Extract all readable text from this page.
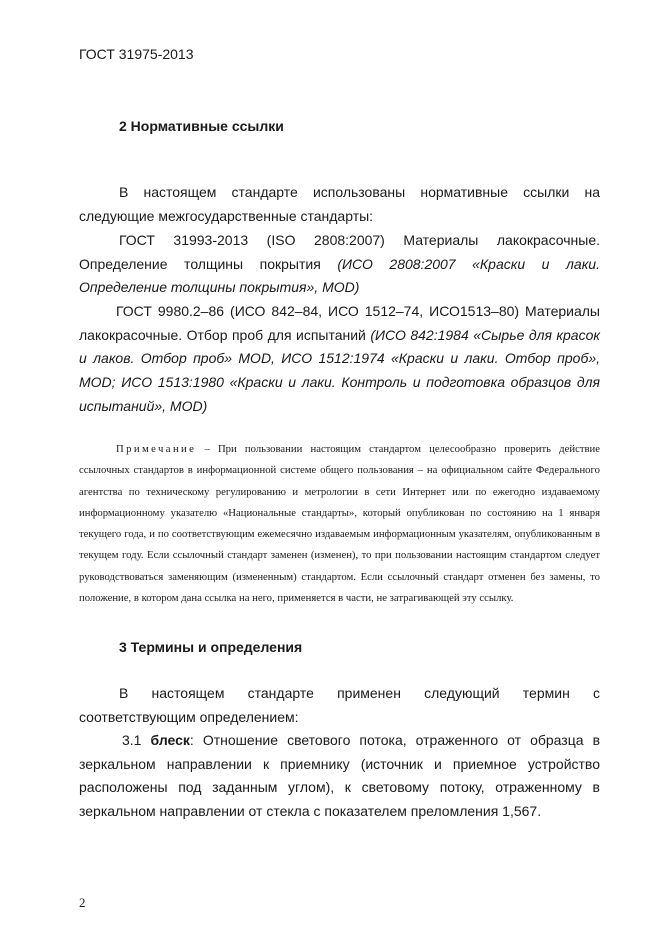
ГОСТ 31975-2013
2 Нормативные ссылки

В настоящем стандарте использованы нормативные ссылки на следующие межгосударственные стандарты:

ГОСТ 31993-2013 (ISO 2808:2007) Материалы лакокрасочные. Определение толщины покрытия (ИСО 2808:2007 «Краски и лаки. Определение толщины покрытия», MOD)

ГОСТ 9980.2–86 (ИСО 842–84, ИСО 1512–74, ИСО1513–80) Материалы лакокрасочные. Отбор проб для испытаний (ИСО 842:1984 «Сырье для красок и лаков. Отбор проб» MOD, ИСО 1512:1974 «Краски и лаки. Отбор проб», MOD; ИСО 1513:1980 «Краски и лаки. Контроль и подготовка образцов для испытаний», MOD)

Примечание – При пользовании настоящим стандартом целесообразно проверить действие ссылочных стандартов в информационной системе общего пользования – на официальном сайте Федерального агентства по техническому регулированию и метрологии в сети Интернет или по ежегодно издаваемому информационному указателю «Национальные стандарты», который опубликован по состоянию на 1 января текущего года, и по соответствующим ежемесячно издаваемым информационным указателям, опубликованным в текущем году. Если ссылочный стандарт заменен (изменен), то при пользовании настоящим стандартом следует руководствоваться заменяющим (измененным) стандартом. Если ссылочный стандарт отменен без замены, то положение, в котором дана ссылка на него, применяется в части, не затрагивающей эту ссылку.

3 Термины и определения

В настоящем стандарте применен следующий термин с соответствующим определением:

3.1 блеск: Отношение светового потока, отраженного от образца в зеркальном направлении к приемнику (источник и приемное устройство расположены под заданным углом), к световому потоку, отраженному в зеркальном направлении от стекла с показателем преломления 1,567.

2
